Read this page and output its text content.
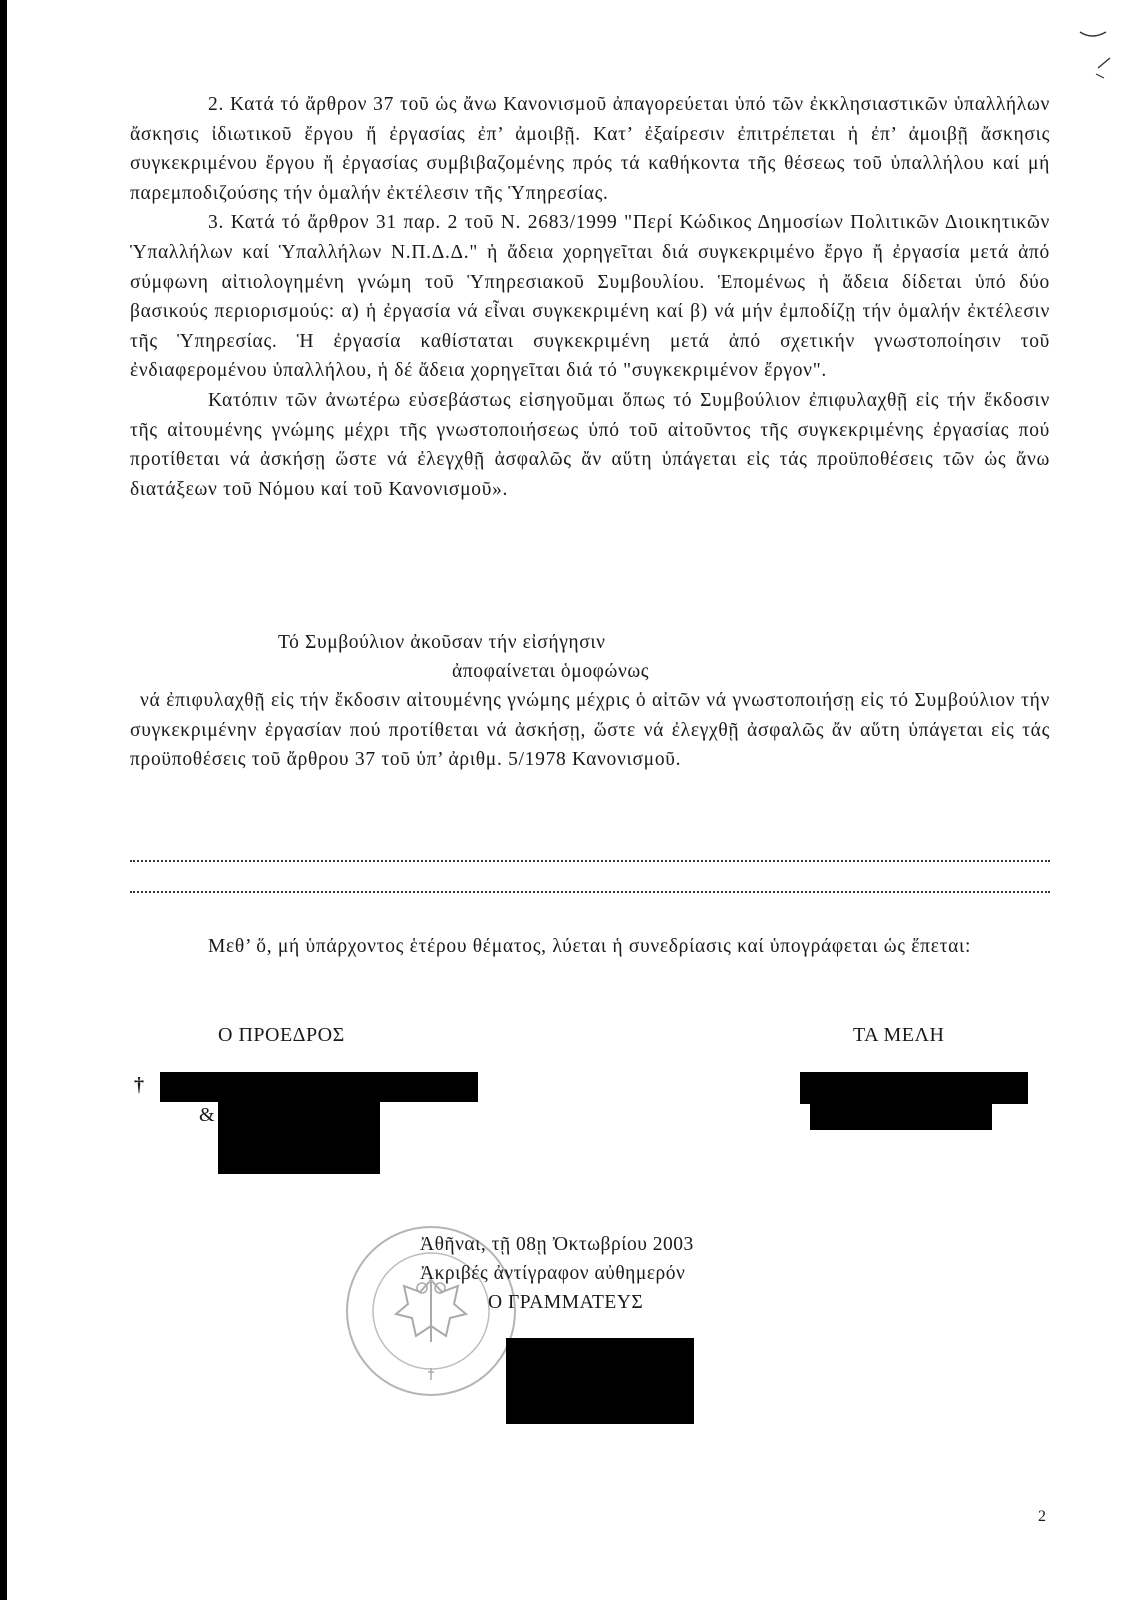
2. Κατά τό ἄρθρον 37 τοῦ ὡς ἄνω Κανονισμοῦ ἀπαγορεύεται ὑπό τῶν ἐκκλησιαστικῶν ὑπαλλήλων ἄσκησις ἰδιωτικοῦ ἔργου ἤ ἐργασίας ἐπ’ ἀμοιβῇ. Κατ’ ἐξαίρεσιν ἐπιτρέπεται ἡ ἐπ’ ἀμοιβῇ ἄσκησις συγκεκριμένου ἔργου ἤ ἐργασίας συμβιβαζομένης πρός τά καθήκοντα τῆς θέσεως τοῦ ὑπαλλήλου καί μή παρεμποδιζούσης τήν ὁμαλήν ἐκτέλεσιν τῆς Ὑπηρεσίας.

3. Κατά τό ἄρθρον 31 παρ. 2 τοῦ Ν. 2683/1999 "Περί Κώδικος Δημοσίων Πολιτικῶν Διοικητικῶν Ὑπαλλήλων καί Ὑπαλλήλων Ν.Π.Δ.Δ." ἡ ἄδεια χορηγεῖται διά συγκεκριμένο ἔργο ἤ ἐργασία μετά ἀπό σύμφωνη αἰτιολογημένη γνώμη τοῦ Ὑπηρεσιακοῦ Συμβουλίου. Ἑπομένως ἡ ἄδεια δίδεται ὑπό δύο βασικούς περιορισμούς: α) ἡ ἐργασία νά εἶναι συγκεκριμένη καί β) νά μήν ἐμποδίζῃ τήν ὁμαλήν ἐκτέλεσιν τῆς Ὑπηρεσίας. Ἡ ἐργασία καθίσταται συγκεκριμένη μετά ἀπό σχετικήν γνωστοποίησιν τοῦ ἐνδιαφερομένου ὑπαλλήλου, ἡ δέ ἄδεια χορηγεῖται διά τό "συγκεκριμένον ἔργον".

Κατόπιν τῶν ἀνωτέρω εὐσεβάστως εἰσηγοῦμαι ὅπως τό Συμβούλιον ἐπιφυλαχθῇ εἰς τήν ἔκδοσιν τῆς αἰτουμένης γνώμης μέχρι τῆς γνωστοποιήσεως ὑπό τοῦ αἰτοῦντος τῆς συγκεκριμένης ἐργασίας πού προτίθεται νά ἀσκήσῃ ὥστε νά ἐλεγχθῇ ἀσφαλῶς ἄν αὕτη ὑπάγεται εἰς τάς προϋποθέσεις τῶν ὡς ἄνω διατάξεων τοῦ Νόμου καί τοῦ Κανονισμοῦ».

Τό Συμβούλιον ἀκοῦσαν τήν εἰσήγησιν
ἀποφαίνεται ὁμοφώνως

νά ἐπιφυλαχθῇ εἰς τήν ἔκδοσιν αἰτουμένης γνώμης μέχρις ὁ αἰτῶν νά γνωστοποιήσῃ εἰς τό Συμβούλιον τήν συγκεκριμένην ἐργασίαν πού προτίθεται νά ἀσκήσῃ, ὥστε νά ἐλεγχθῇ ἀσφαλῶς ἄν αὕτη ὑπάγεται εἰς τάς προϋποθέσεις τοῦ ἄρθρου 37 τοῦ ὑπ’ ἀριθμ. 5/1978 Κανονισμοῦ.

Μεθ’ ὅ, μή ὑπάρχοντος ἑτέρου θέματος, λύεται ἡ συνεδρίασις καί ὑπογράφεται ὡς ἕπεται:

Ο ΠΡΟΕΔΡΟΣ	ΤΑ ΜΕΛΗ
†
&
Ἀθῆναι, τῇ 08ῃ Ὀκτωβρίου 2003
Ἀκριβές ἀντίγραφον αὐθημερόν
Ο ΓΡΑΜΜΑΤΕΥΣ
2
